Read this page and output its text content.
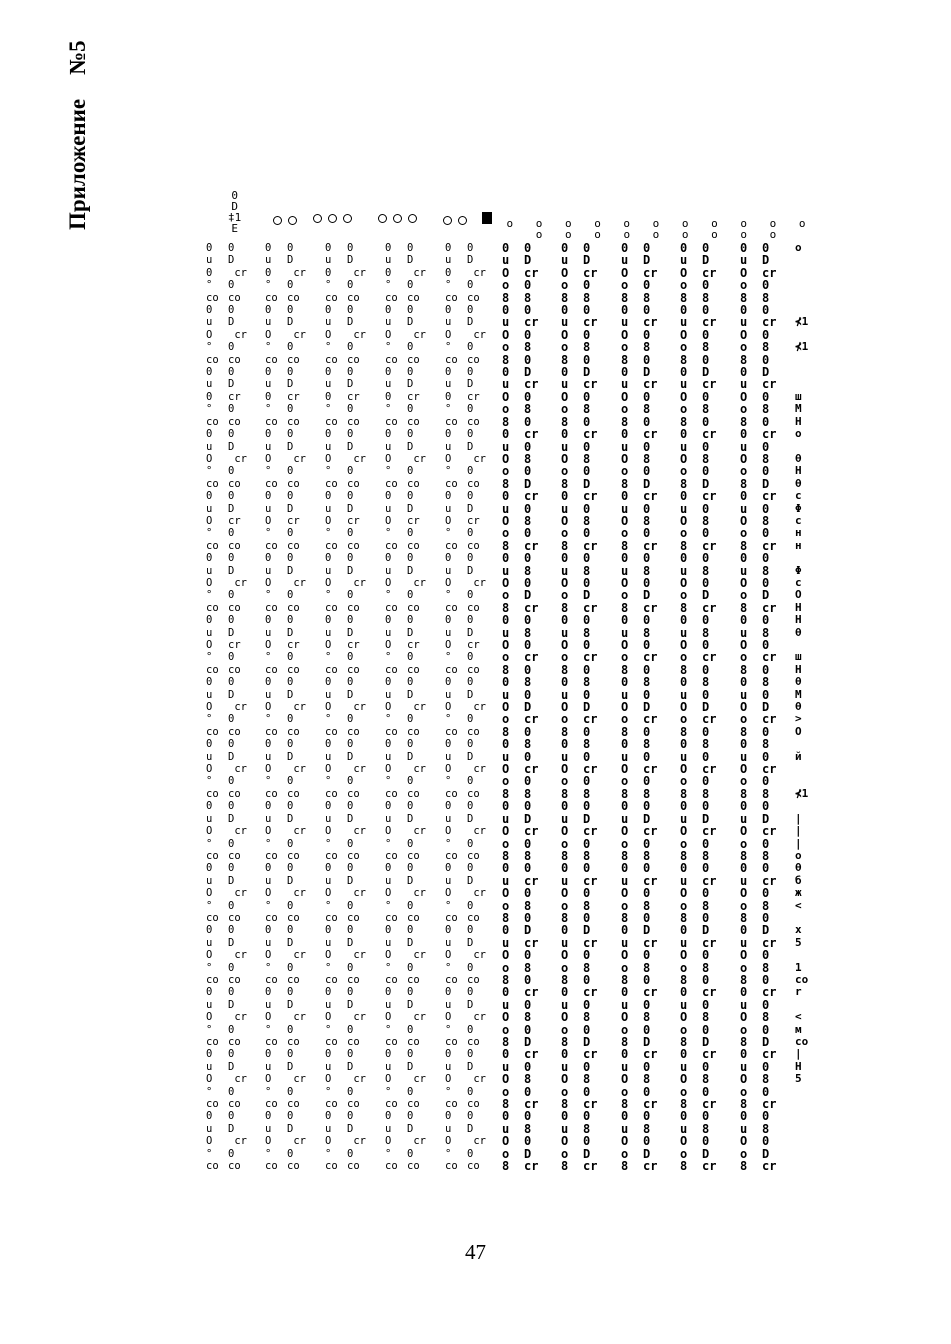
Приложение
№5
0
D
‡1
E	o o o o o o o o o o o o o o o o o o o o
0
u
0
°
co
0
u
O
°
co
0
u
0
°
co
0
u
O
°
co
0
u
O
°
co
0
u
O
°
co
0
u
O
°
co
0
u
O
°
co
0
u
O
°
co
0
u
O
°
co
0
u
O
°
co
0
u
O
°
co
0
u
O
°
co
0
u
O
°
co
0
u
O
°
co

0
D
cr
0
co
0
D
cr
0
co
0
D
cr
0
co
0
D
cr
0
co
0
D
cr
0
co
0
D
cr
0
co
0
D
cr
0
co
0
D
cr
0
co
0
D
cr
0
co
0
D
cr
0
co
0
D
cr
0
co
0
D
cr
0
co
0
D
cr
0
co
0
D
cr
0
co
0
D
cr
0
co

0
u
0
°
co
0
u
O
°
co
0
u
0
°
co
0
u
O
°
co
0
u
O
°
co
0
u
O
°
co
0
u
O
°
co
0
u
O
°
co
0
u
O
°
co
0
u
O
°
co
0
u
O
°
co
0
u
O
°
co
0
u
O
°
co
0
u
O
°
co
0
u
O
°
co

0
D
cr
0
co
0
D
cr
0
co
0
D
cr
0
co
0
D
cr
0
co
0
D
cr
0
co
0
D
cr
0
co
0
D
cr
0
co
0
D
cr
0
co
0
D
cr
0
co
0
D
cr
0
co
0
D
cr
0
co
0
D
cr
0
co
0
D
cr
0
co
0
D
cr
0
co
0
D
cr
0
co

0
u
0
°
co
0
u
O
°
co
0
u
0
°
co
0
u
O
°
co
0
u
O
°
co
0
u
O
°
co
0
u
O
°
co
0
u
O
°
co
0
u
O
°
co
0
u
O
°
co
0
u
O
°
co
0
u
O
°
co
0
u
O
°
co
0
u
O
°
co
0
u
O
°
co

0
D
cr
0
co
0
D
cr
0
co
0
D
cr
0
co
0
D
cr
0
co
0
D
cr
0
co
0
D
cr
0
co
0
D
cr
0
co
0
D
cr
0
co
0
D
cr
0
co
0
D
cr
0
co
0
D
cr
0
co
0
D
cr
0
co
0
D
cr
0
co
0
D
cr
0
co
0
D
cr
0
co

0
u
0
°
co
0
u
O
°
co
0
u
0
°
co
0
u
O
°
co
0
u
O
°
co
0
u
O
°
co
0
u
O
°
co
0
u
O
°
co
0
u
O
°
co
0
u
O
°
co
0
u
O
°
co
0
u
O
°
co
0
u
O
°
co
0
u
O
°
co
0
u
O
°
co

0
D
cr
0
co
0
D
cr
0
co
0
D
cr
0
co
0
D
cr
0
co
0
D
cr
0
co
0
D
cr
0
co
0
D
cr
0
co
0
D
cr
0
co
0
D
cr
0
co
0
D
cr
0
co
0
D
cr
0
co
0
D
cr
0
co
0
D
cr
0
co
0
D
cr
0
co
0
D
cr
0
co

0
u
0
°
co
0
u
O
°
co
0
u
0
°
co
0
u
O
°
co
0
u
O
°
co
0
u
O
°
co
0
u
O
°
co
0
u
O
°
co
0
u
O
°
co
0
u
O
°
co
0
u
O
°
co
0
u
O
°
co
0
u
O
°
co
0
u
O
°
co
0
u
O
°
co

0
D
cr
0
co
0
D
cr
0
co
0
D
cr
0
co
0
D
cr
0
co
0
D
cr
0
co
0
D
cr
0
co
0
D
cr
0
co
0
D
cr
0
co
0
D
cr
0
co
0
D
cr
0
co
0
D
cr
0
co
0
D
cr
0
co
0
D
cr
0
co
0
D
cr
0
co
0
D
cr
0
co

0
u
O
o
8
0
u
O
o
8
0
u
O
o
8
0
u
O
o
8
0
u
O
o
8
0
u
O
o
8
0
u
O
o
8
0
u
O
o
8
0
u
O
o
8
0
u
O
o
8
0
u
O
o
8
0
u
O
o
8
0
u
O
o
8
0
u
O
o
8
0
u
O
o
8

0
D
cr
0
8
0
cr
0
8
0
D
cr
0
8
0
cr
0
8
0
D
cr
0
8
0
cr
0
8
0
D
cr
0
8
0
cr
0
8
0
D
cr
0
8
0
cr
0
8
0
D
cr
0
8
0
cr
0
8
0
D
cr
0
8
0
cr
0
8
0
D
cr
0
8
0
cr
0
8
0
D
cr

0
u
O
o
8
0
u
O
o
8
0
u
O
o
8
0
u
O
o
8
0
u
O
o
8
0
u
O
o
8
0
u
O
o
8
0
u
O
o
8
0
u
O
o
8
0
u
O
o
8
0
u
O
o
8
0
u
O
o
8
0
u
O
o
8
0
u
O
o
8
0
u
O
o
8

0
D
cr
0
8
0
cr
0
8
0
D
cr
0
8
0
cr
0
8
0
D
cr
0
8
0
cr
0
8
0
D
cr
0
8
0
cr
0
8
0
D
cr
0
8
0
cr
0
8
0
D
cr
0
8
0
cr
0
8
0
D
cr
0
8
0
cr
0
8
0
D
cr
0
8
0
cr
0
8
0
D
cr

0
u
O
o
8
0
u
O
o
8
0
u
O
o
8
0
u
O
o
8
0
u
O
o
8
0
u
O
o
8
0
u
O
o
8
0
u
O
o
8
0
u
O
o
8
0
u
O
o
8
0
u
O
o
8
0
u
O
o
8
0
u
O
o
8
0
u
O
o
8
0
u
O
o
8

0
D
cr
0
8
0
cr
0
8
0
D
cr
0
8
0
cr
0
8
0
D
cr
0
8
0
cr
0
8
0
D
cr
0
8
0
cr
0
8
0
D
cr
0
8
0
cr
0
8
0
D
cr
0
8
0
cr
0
8
0
D
cr
0
8
0
cr
0
8
0
D
cr
0
8
0
cr
0
8
0
D
cr

0
u
O
o
8
0
u
O
o
8
0
u
O
o
8
0
u
O
o
8
0
u
O
o
8
0
u
O
o
8
0
u
O
o
8
0
u
O
o
8
0
u
O
o
8
0
u
O
o
8
0
u
O
o
8
0
u
O
o
8
0
u
O
o
8
0
u
O
o
8
0
u
O
o
8

0
D
cr
0
8
0
cr
0
8
0
D
cr
0
8
0
cr
0
8
0
D
cr
0
8
0
cr
0
8
0
D
cr
0
8
0
cr
0
8
0
D
cr
0
8
0
cr
0
8
0
D
cr
0
8
0
cr
0
8
0
D
cr
0
8
0
cr
0
8
0
D
cr
0
8
0
cr
0
8
0
D
cr

0
u
O
o
8
0
u
O
o
8
0
u
O
o
8
0
u
O
o
8
0
u
O
o
8
0
u
O
o
8
0
u
O
o
8
0
u
O
o
8
0
u
O
o
8
0
u
O
o
8
0
u
O
o
8
0
u
O
o
8
0
u
O
o
8
0
u
O
o
8
0
u
O
o
8

0
D
cr
0
8
0
cr
0
8
0
D
cr
0
8
0
cr
0
8
0
D
cr
0
8
0
cr
0
8
0
D
cr
0
8
0
cr
0
8
0
D
cr
0
8
0
cr
0
8
0
D
cr
0
8
0
cr
0
8
0
D
cr
0
8
0
cr
0
8
0
D
cr
0
8
0
cr
0
8
0
D
cr

o

⊀1

⊀1

ш
M
H
o

θ
H
θ
c
Φ
c
н
н

Φ
c
O
H
H
θ

ш
H
θ
M
θ
>
O

й

⊀1

|
|
|
o
θ
б
ж
<

x
5

1
co
r

<
м
co
|
H
5
47
